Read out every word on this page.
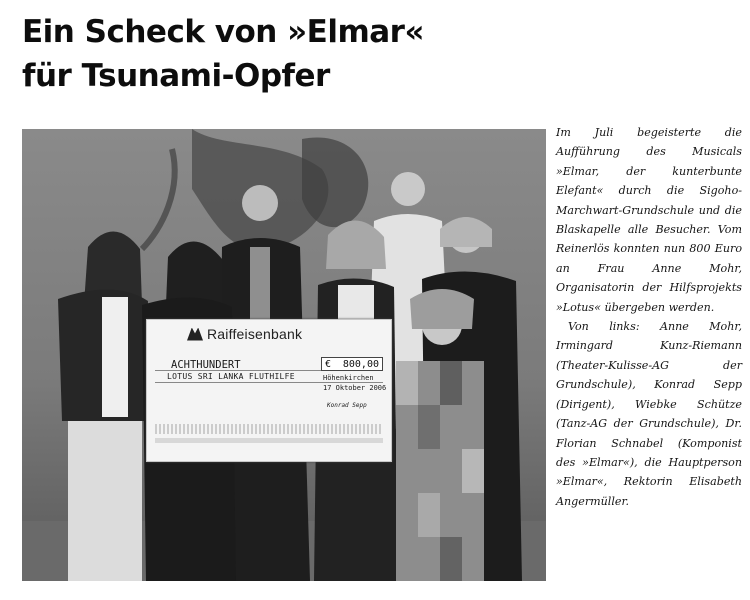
Ein Scheck von »Elmar«
für Tsunami-Opfer
Raiffeisenbank
ACHTHUNDERT
LOTUS SRI LANKA FLUTHILFE
€ 800,00
Höhenkirchen
17 Oktober 2006
Konrad Sepp

Im Juli begeisterte die Aufführung des Musicals »Elmar, der kunterbunte Elefant« durch die Sigoho-Marchwart-Grundschule und die Blaskapelle alle Besucher. Vom Reinerlös konnten nun 800 Euro an Frau Anne Mohr, Organisatorin der Hilfsprojekts »Lotus« übergeben werden.

Von links: Anne Mohr, Irmingard Kunz-Riemann (Theater-Kulisse-AG der Grundschule), Konrad Sepp (Dirigent), Wiebke Schütze (Tanz-AG der Grundschule), Dr. Florian Schnabel (Komponist des »Elmar«), die Hauptperson »Elmar«, Rektorin Elisabeth Angermüller.
